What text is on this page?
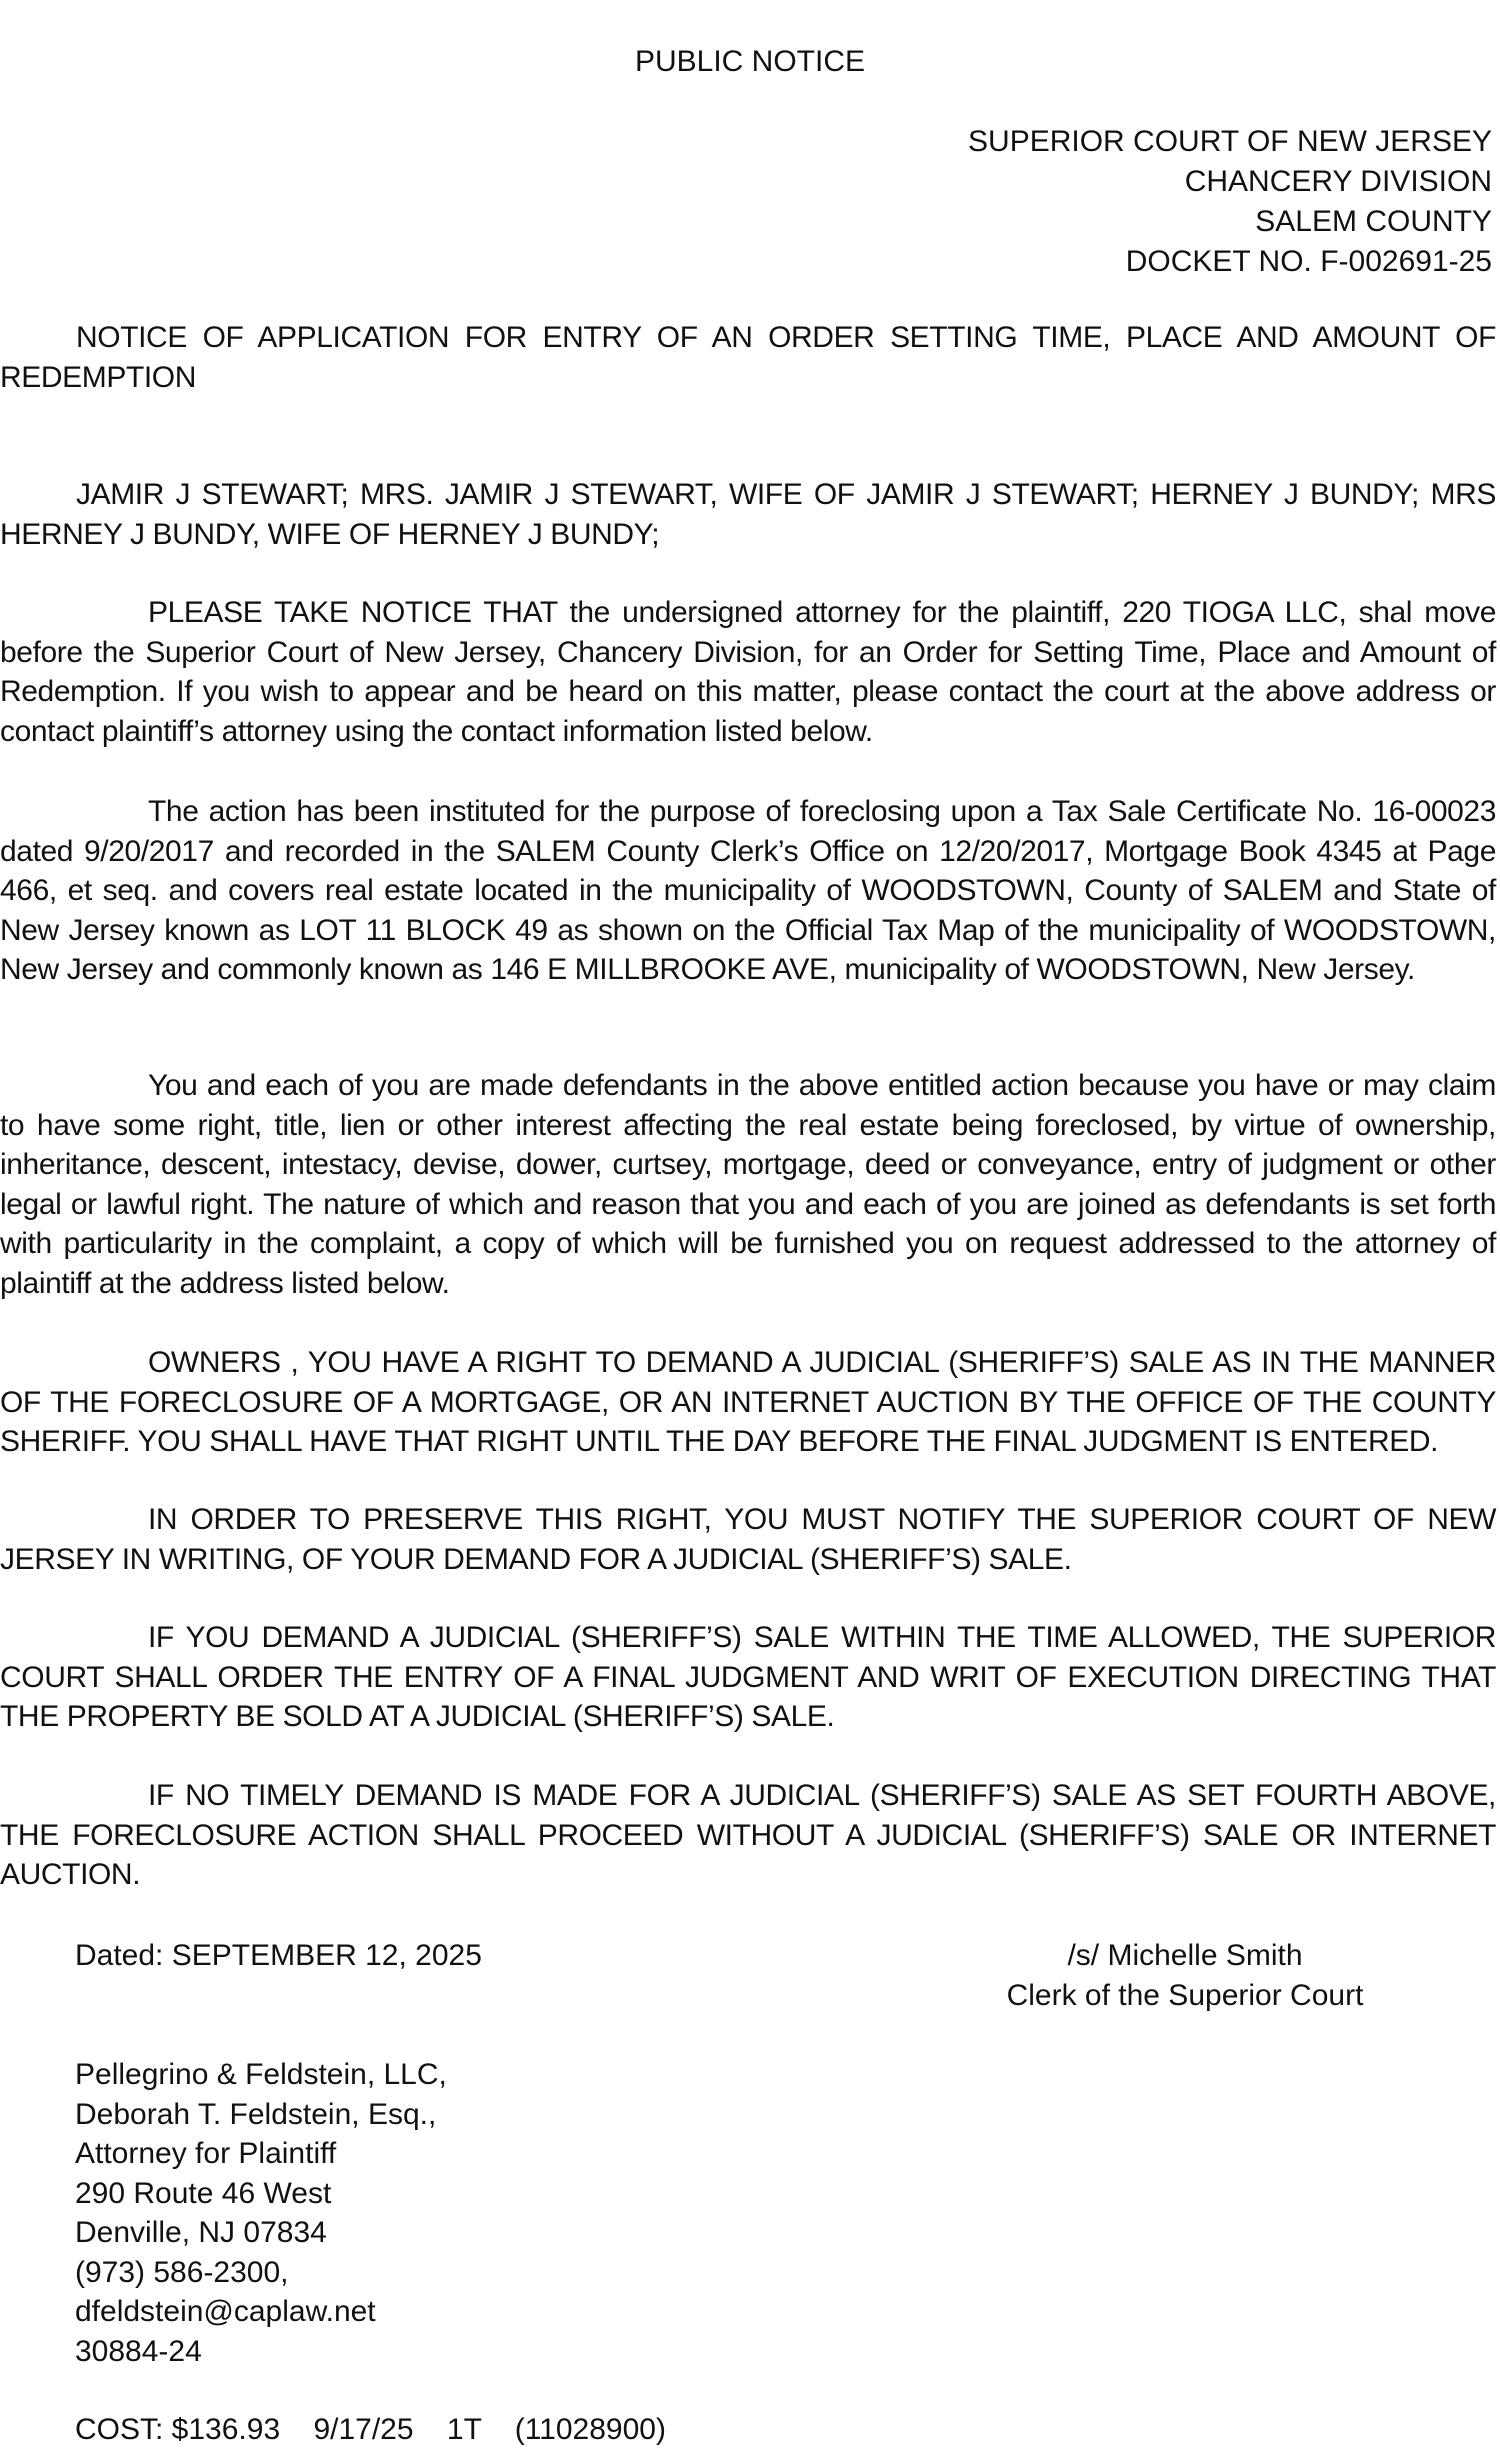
PUBLIC NOTICE
SUPERIOR COURT OF NEW JERSEY
CHANCERY DIVISION
SALEM COUNTY
DOCKET NO. F-002691-25
NOTICE OF APPLICATION FOR ENTRY OF AN ORDER SETTING TIME, PLACE AND AMOUNT OF REDEMPTION
JAMIR J STEWART; MRS. JAMIR J STEWART, WIFE OF JAMIR J STEWART; HERNEY J BUNDY; MRS HERNEY J BUNDY, WIFE OF HERNEY J BUNDY;
PLEASE TAKE NOTICE THAT the undersigned attorney for the plaintiff, 220 TIOGA LLC, shal move before the Superior Court of New Jersey, Chancery Division, for an Order for Setting Time, Place and Amount of Redemption. If you wish to appear and be heard on this matter, please contact the court at the above address or contact plaintiff’s attorney using the contact information listed below.
The action has been instituted for the purpose of foreclosing upon a Tax Sale Certificate No. 16-00023 dated 9/20/2017 and recorded in the SALEM County Clerk’s Office on 12/20/2017, Mortgage Book 4345 at Page 466, et seq. and covers real estate located in the municipality of WOODSTOWN, County of SALEM and State of New Jersey known as LOT 11 BLOCK 49 as shown on the Official Tax Map of the municipality of WOODSTOWN, New Jersey and commonly known as 146 E MILLBROOKE AVE, municipality of WOODSTOWN, New Jersey.
You and each of you are made defendants in the above entitled action because you have or may claim to have some right, title, lien or other interest affecting the real estate being foreclosed, by virtue of ownership, inheritance, descent, intestacy, devise, dower, curtsey, mortgage, deed or conveyance, entry of judgment or other legal or lawful right. The nature of which and reason that you and each of you are joined as defendants is set forth with particularity in the complaint, a copy of which will be furnished you on request addressed to the attorney of plaintiff at the address listed below.
OWNERS , YOU HAVE A RIGHT TO DEMAND A JUDICIAL (SHERIFF’S) SALE AS IN THE MANNER OF THE FORECLOSURE OF A MORTGAGE, OR AN INTERNET AUCTION BY THE OFFICE OF THE COUNTY SHERIFF. YOU SHALL HAVE THAT RIGHT UNTIL THE DAY BEFORE THE FINAL JUDGMENT IS ENTERED.
IN ORDER TO PRESERVE THIS RIGHT, YOU MUST NOTIFY THE SUPERIOR COURT OF NEW JERSEY IN WRITING, OF YOUR DEMAND FOR A JUDICIAL (SHERIFF’S) SALE.
IF YOU DEMAND A JUDICIAL (SHERIFF’S) SALE WITHIN THE TIME ALLOWED, THE SUPERIOR COURT SHALL ORDER THE ENTRY OF A FINAL JUDGMENT AND WRIT OF EXECUTION DIRECTING THAT THE PROPERTY BE SOLD AT A JUDICIAL (SHERIFF’S) SALE.
IF NO TIMELY DEMAND IS MADE FOR A JUDICIAL (SHERIFF’S) SALE AS SET FOURTH ABOVE, THE FORECLOSURE ACTION SHALL PROCEED WITHOUT A JUDICIAL (SHERIFF’S) SALE OR INTERNET AUCTION.
Dated: SEPTEMBER 12, 2025	/s/ Michelle Smith
Clerk of the Superior Court
Pellegrino & Feldstein, LLC,
Deborah T. Feldstein, Esq.,
Attorney for Plaintiff
290 Route 46 West
Denville, NJ 07834
(973) 586-2300,
dfeldstein@caplaw.net
30884-24
COST: $136.93    9/17/25    1T    (11028900)
